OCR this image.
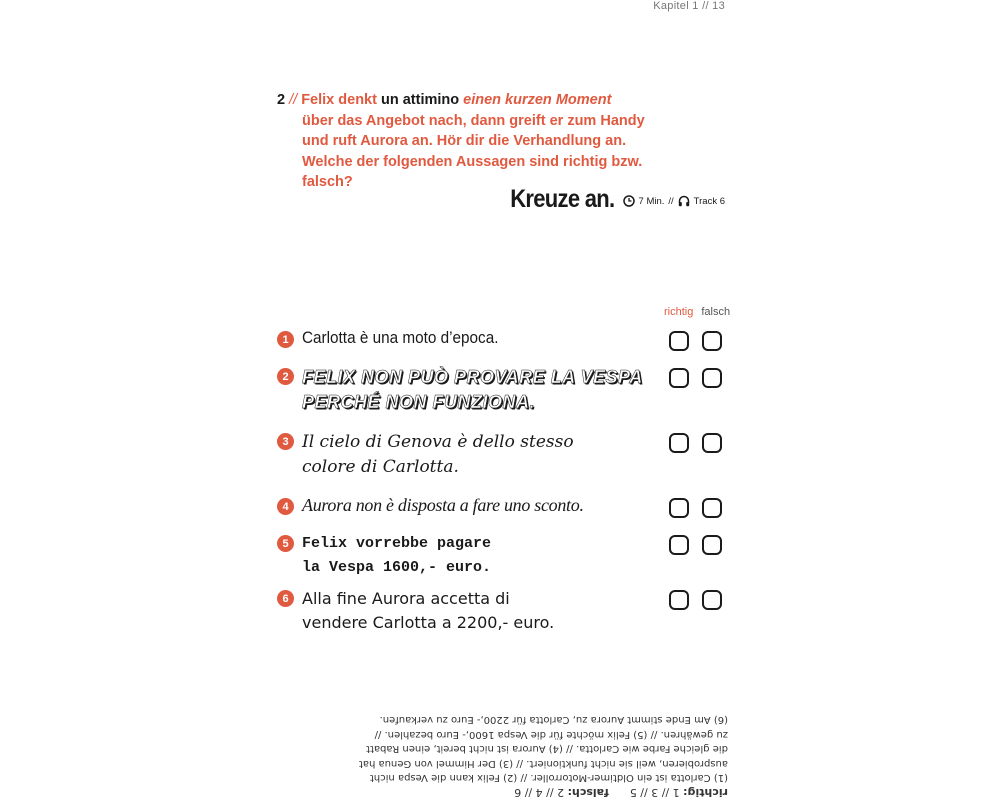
Kapitel 1 // 13
2 // Felix denkt un attimino einen kurzen Moment
über das Angebot nach, dann greift er zum Handy
und ruft Aurora an. Hör dir die Verhandlung an.
Welche der folgenden Aussagen sind richtig bzw. falsch?
Kreuze an.	7 Min. // Track 6
richtig falsch
1 Carlotta è una moto d’epoca.
2 FELIX NON PUÒ PROVARE LA VESPA
PERCHÉ NON FUNZIONA.
3 Il cielo di Genova è dello stesso
colore di Carlotta.
4 Aurora non è disposta a fare uno sconto.
5 Felix vorrebbe pagare
la Vespa 1600,- euro.
6 Alla fine Aurora accetta di
vendere Carlotta a 2200,- euro.
richtig: 1 // 3 // 5      falsch: 2 // 4 // 6
(1) Carlotta ist ein Oldtimer-Motorroller. // (2) Felix kann die Vespa nicht
ausprobieren, weil sie nicht funktioniert. // (3) Der Himmel von Genua hat
die gleiche Farbe wie Carlotta. // (4) Aurora ist nicht bereit, einen Rabatt
zu gewähren. // (5) Felix möchte für die Vespa 1600,- Euro bezahlen. //
(6) Am Ende stimmt Aurora zu, Carlotta für 2200,- Euro zu verkaufen.
